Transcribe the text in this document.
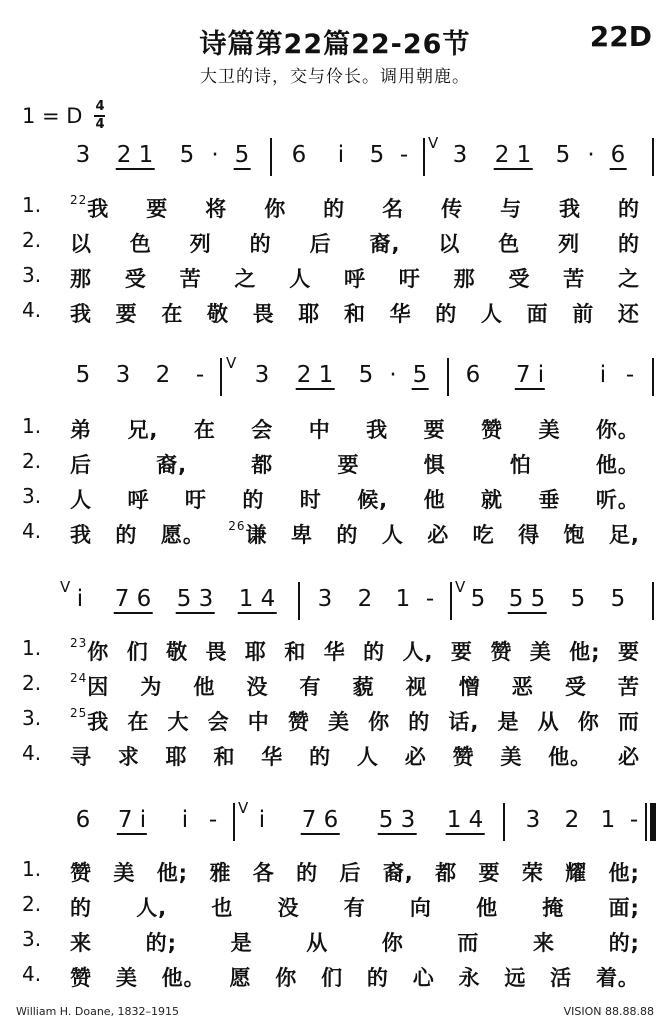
诗篇第22篇22-26节	22D
大卫的诗，交与伶长。调用朝鹿。
1 = D $\frac{4}{4}$
3 2 1 5 · 5 6 i 5 - V 3 2 1 5 · 6
1. $^{22}$我 要 将 你 的 名 传 与 我 的
2. 以 色 列 的 后 裔, 以 色 列 的
3. 那 受 苦 之 人 呼 吁 那 受 苦 之
4. 我 要 在 敬 畏 耶 和 华 的 人 面 前 还
5 3 2 - V 3 2 1 5 · 5 6 7 i i -
1. 弟 兄, 在 会 中 我 要 赞 美 你。
2. 后	裔,	都	要	惧	怕	他。
3. 人 呼 吁 的 时 候, 他 就 垂 听。
4. 我 的 愿。 $^{26}$谦 卑 的 人 必 吃 得 饱 足,
V i 7 6 5 3 1 4 3 2 1 - V 5 5 5 5 5
1. $^{23}$你 们 敬 畏 耶 和 华 的 人, 要 赞 美 他; 要
2. $^{24}$因 为 他 没 有 藐 视 憎 恶 受 苦
3. $^{25}$我 在 大 会 中 赞 美 你 的 话, 是 从 你 而
4. 寻 求 耶 和 华 的 人 必 赞 美 他。 必
6 7 i i - V i 7 6 5 3 1 4 3 2 1 -
1. 赞 美 他; 雅 各 的 后 裔, 都 要 荣 耀 他;
2. 的 人, 也 没 有 向 他 掩 面;
3. 来	的;	是	从	你	而	来	的;
4. 赞 美 他。 愿 你 们 的 心 永 远 活 着。
William H. Doane, 1832–1915	VISION 88.88.88
